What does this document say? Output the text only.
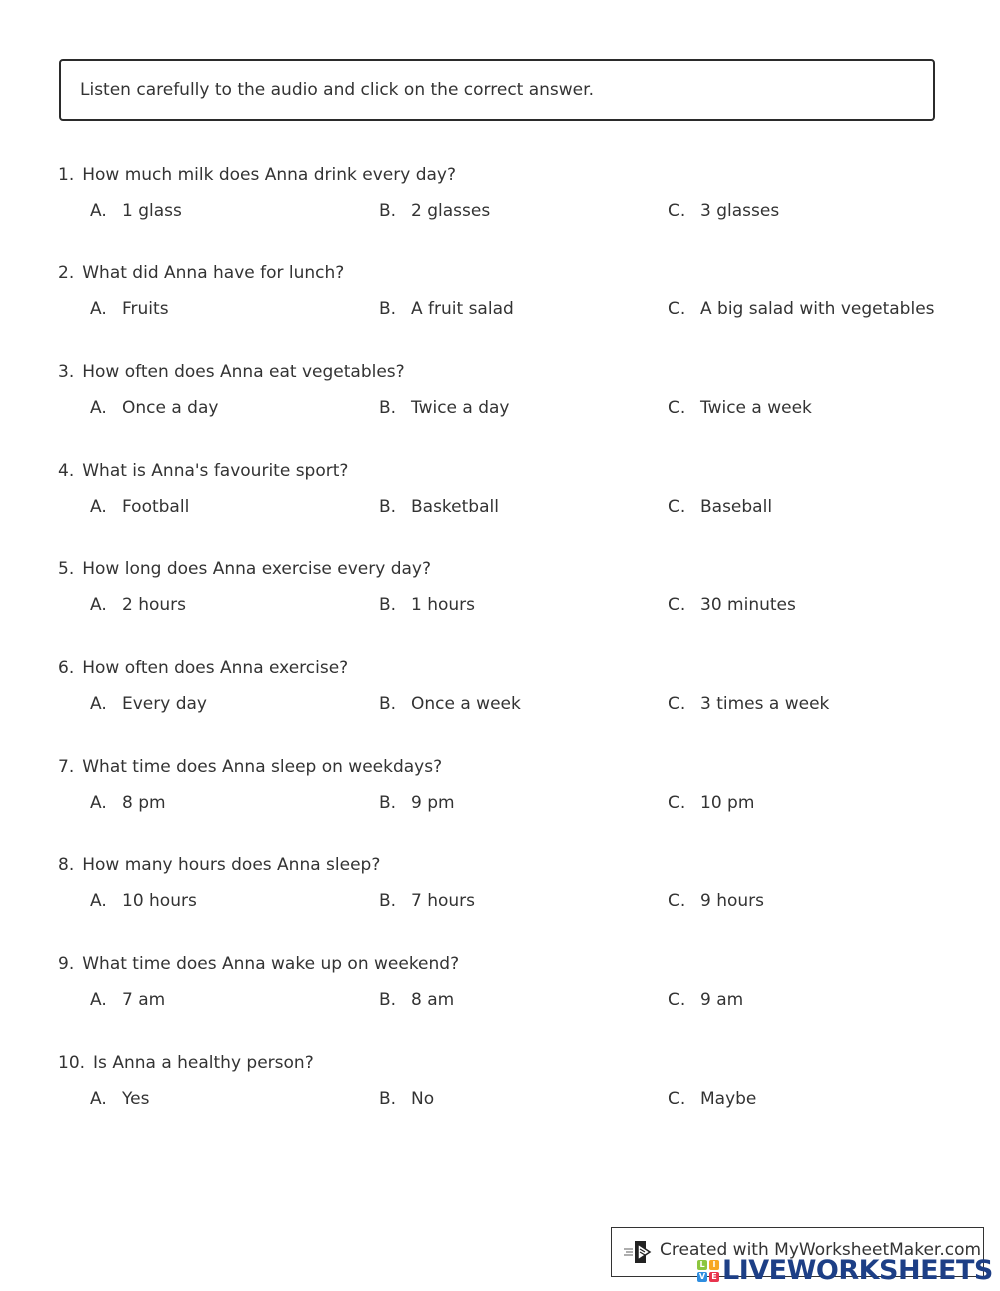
Listen carefully to the audio and click on the correct answer.
1. How much milk does Anna drink every day?
A. 1 glass	B. 2 glasses	C. 3 glasses
2. What did Anna have for lunch?
A. Fruits	B. A fruit salad	C. A big salad with vegetables
3. How often does Anna eat vegetables?
A. Once a day	B. Twice a day	C. Twice a week
4. What is Anna's favourite sport?
A. Football	B. Basketball	C. Baseball
5. How long does Anna exercise every day?
A. 2 hours	B. 1 hours	C. 30 minutes
6. How often does Anna exercise?
A. Every day	B. Once a week	C. 3 times a week
7. What time does Anna sleep on weekdays?
A. 8 pm	B. 9 pm	C. 10 pm
8. How many hours does Anna sleep?
A. 10 hours	B. 7 hours	C. 9 hours
9. What time does Anna wake up on weekend?
A. 7 am	B. 8 am	C. 9 am
10. Is Anna a healthy person?
A. Yes	B. No	C. Maybe
Created with MyWorksheetMaker.com
L I
V E LIVEWORKSHEETS
